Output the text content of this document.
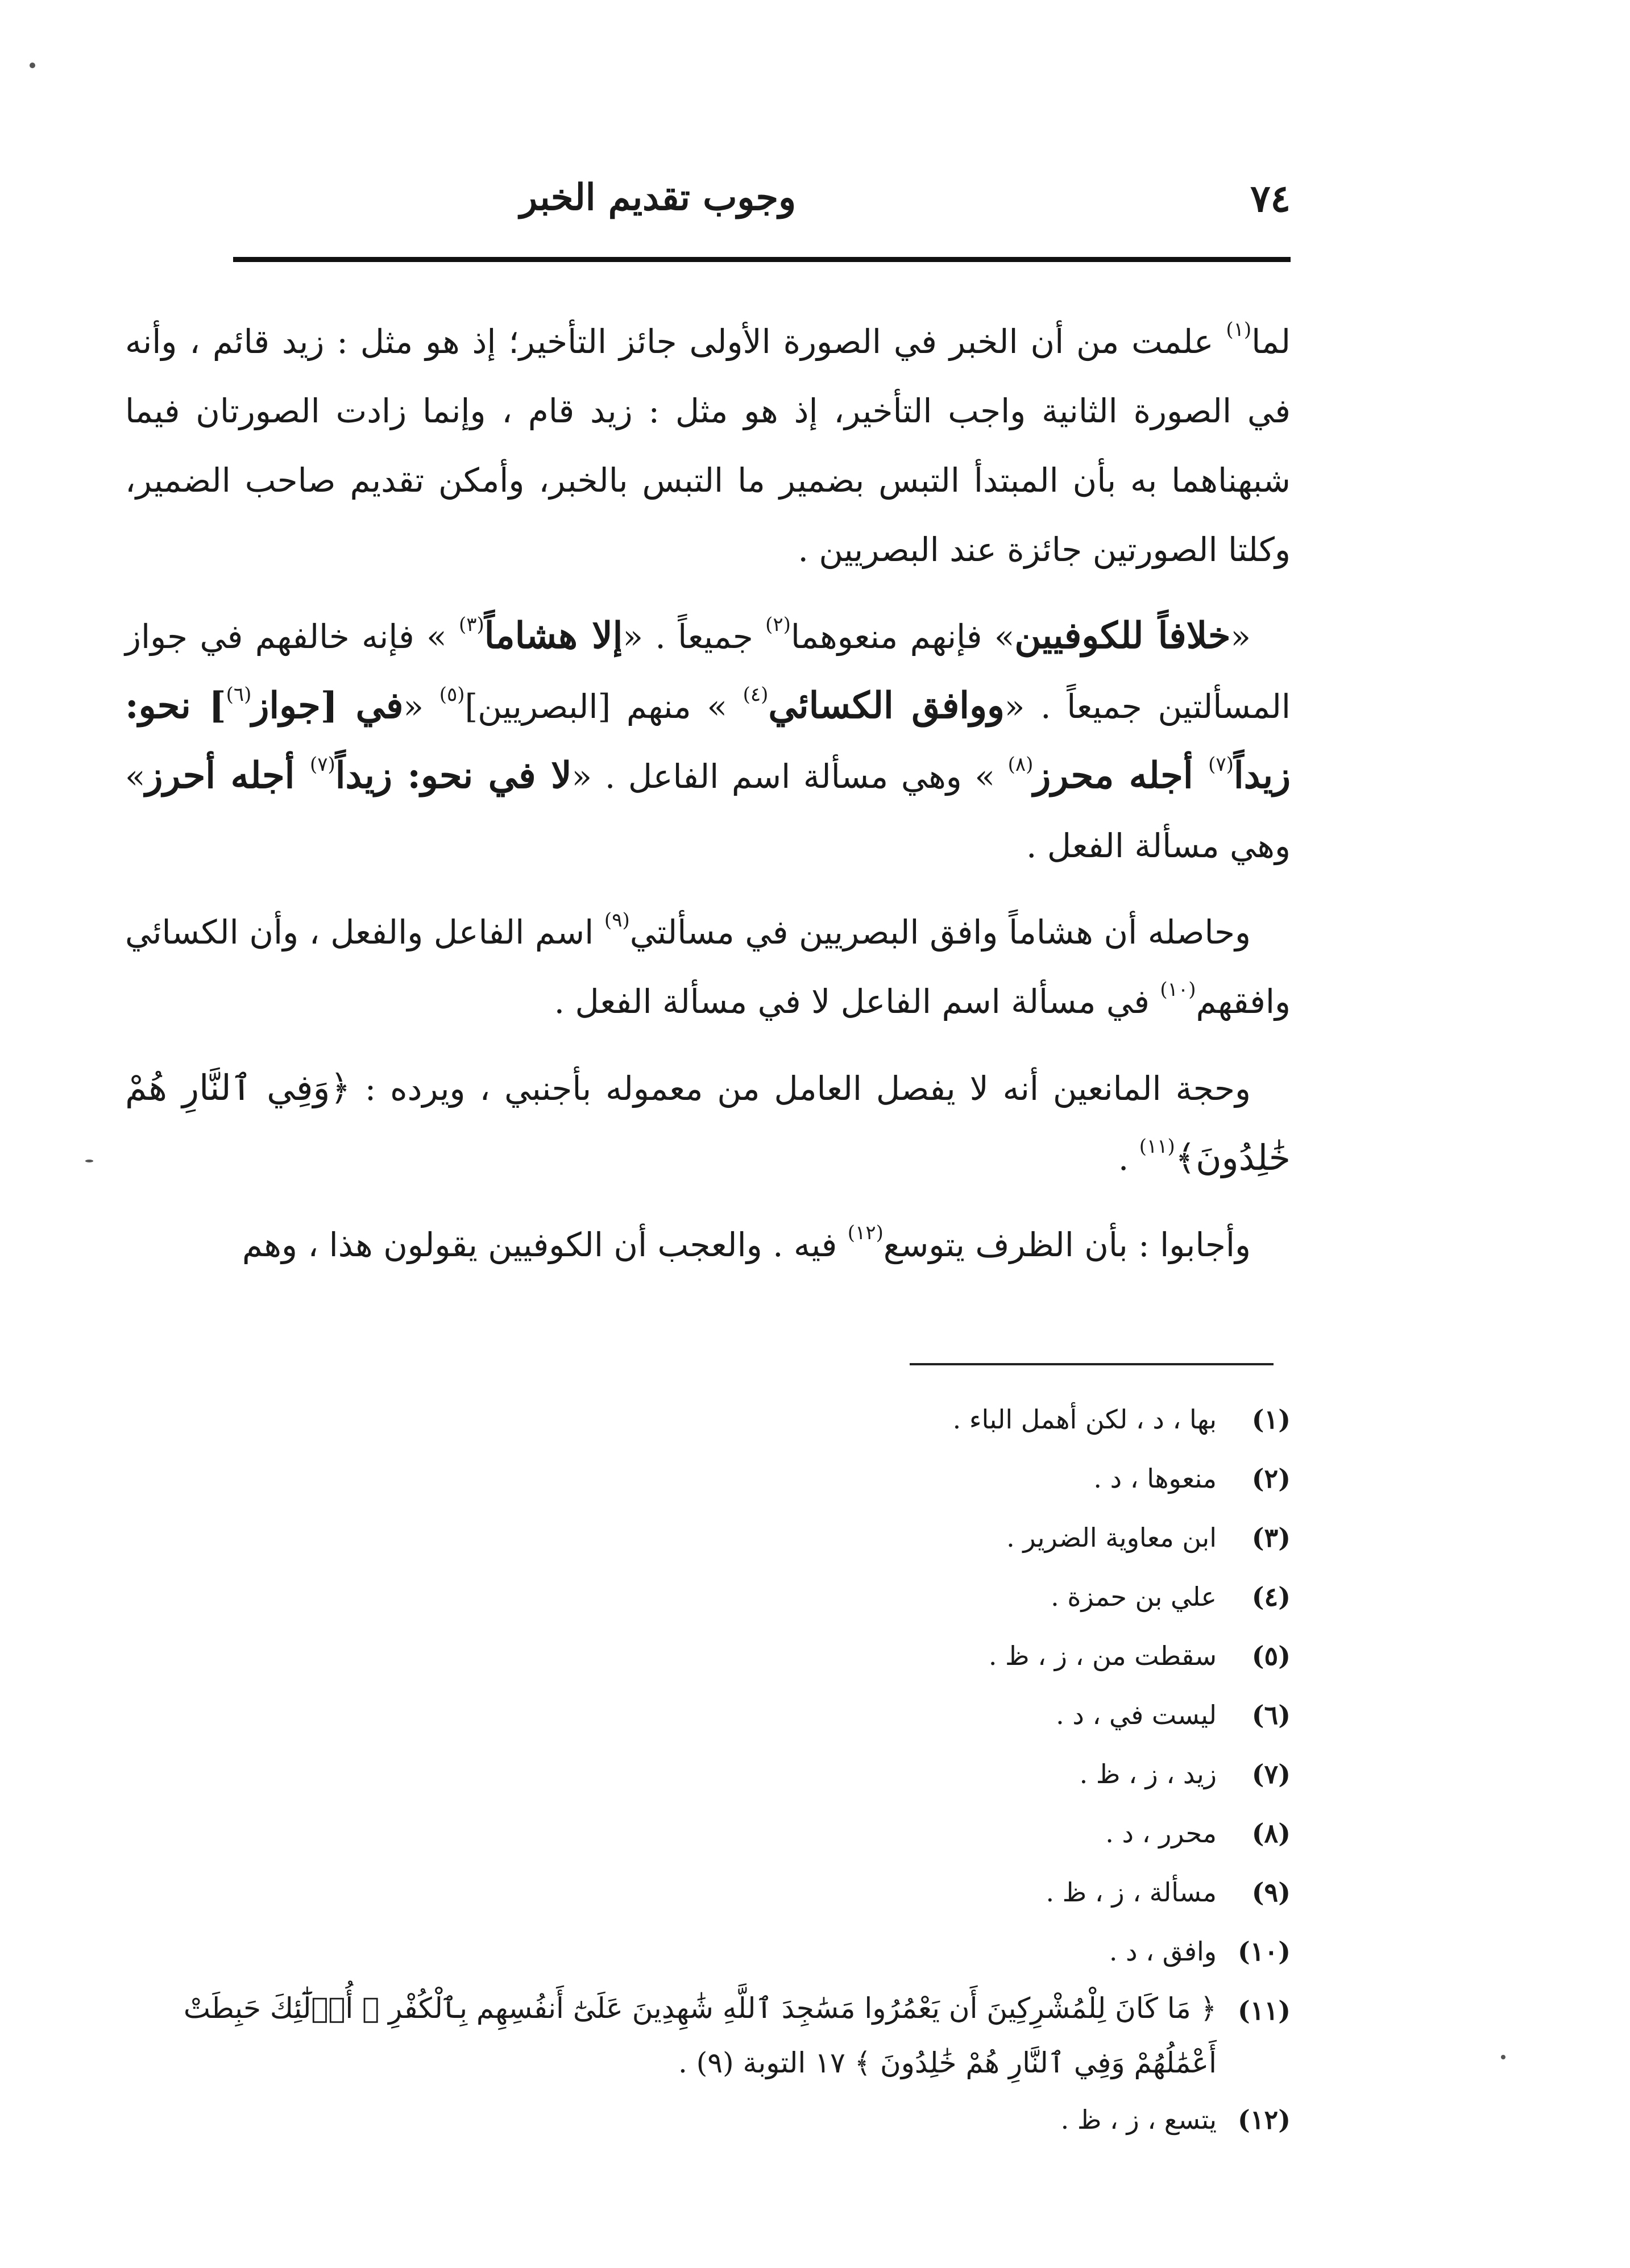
٧٤
وجوب تقديم الخبر

لما$^{(١)}$ علمت من أن الخبر في الصورة الأولى جائز التأخير؛ إذ هو مثل : زيد قائم ، وأنه في الصورة الثانية واجب التأخير، إذ هو مثل : زيد قام ، وإنما زادت الصورتان فيما شبهناهما به بأن المبتدأ التبس بضمير ما التبس بالخبر، وأمكن تقديم صاحب الضمير، وكلتا الصورتين جائزة عند البصريين .

«خلافاً للكوفيين» فإنهم منعوهما$^{(٢)}$ جميعاً . «إلا هشاماً$^{(٣)}$ » فإنه خالفهم في جواز المسألتين جميعاً . «ووافق الكسائي$^{(٤)}$ » منهم [البصريين]$^{(٥)}$ «في [جواز$^{(٦)}$] نحو: زيداً$^{(٧)}$ أجله محرز$^{(٨)}$ » وهي مسألة اسم الفاعل . «لا في نحو: زيداً$^{(٧)}$ أجله أحرز» وهي مسألة الفعل .

وحاصله أن هشاماً وافق البصريين في مسألتي$^{(٩)}$ اسم الفاعل والفعل ، وأن الكسائي وافقهم$^{(١٠)}$ في مسألة اسم الفاعل لا في مسألة الفعل .

وحجة المانعين أنه لا يفصل العامل من معموله بأجنبي ، ويرده : ﴿وَفِي ٱلنَّارِ هُمْ خَٰلِدُونَ﴾$^{(١١)}$ .

وأجابوا : بأن الظرف يتوسع$^{(١٢)}$ فيه . والعجب أن الكوفيين يقولون هذا ، وهم

(١)
بها ، د ، لكن أهمل الباء .
(٢)
منعوها ، د .
(٣)
ابن معاوية الضرير .
(٤)
علي بن حمزة .
(٥)
سقطت من ، ز ، ظ .
(٦)
ليست في ، د .
(٧)
زيد ، ز ، ظ .
(٨)
محرر ، د .
(٩)
مسألة ، ز ، ظ .
(١٠)
وافق ، د .
(١١)
﴿ مَا كَانَ لِلْمُشْرِكِينَ أَن يَعْمُرُوا مَسَٰجِدَ ٱللَّهِ شَٰهِدِينَ عَلَىٰٓ أَنفُسِهِم بِٱلْكُفْرِ ۚ أُو۟لَٰٓئِكَ حَبِطَتْ أَعْمَٰلُهُمْ وَفِي ٱلنَّارِ هُمْ خَٰلِدُونَ ﴾ ١٧ التوبة (٩) .
(١٢)
يتسع ، ز ، ظ .
